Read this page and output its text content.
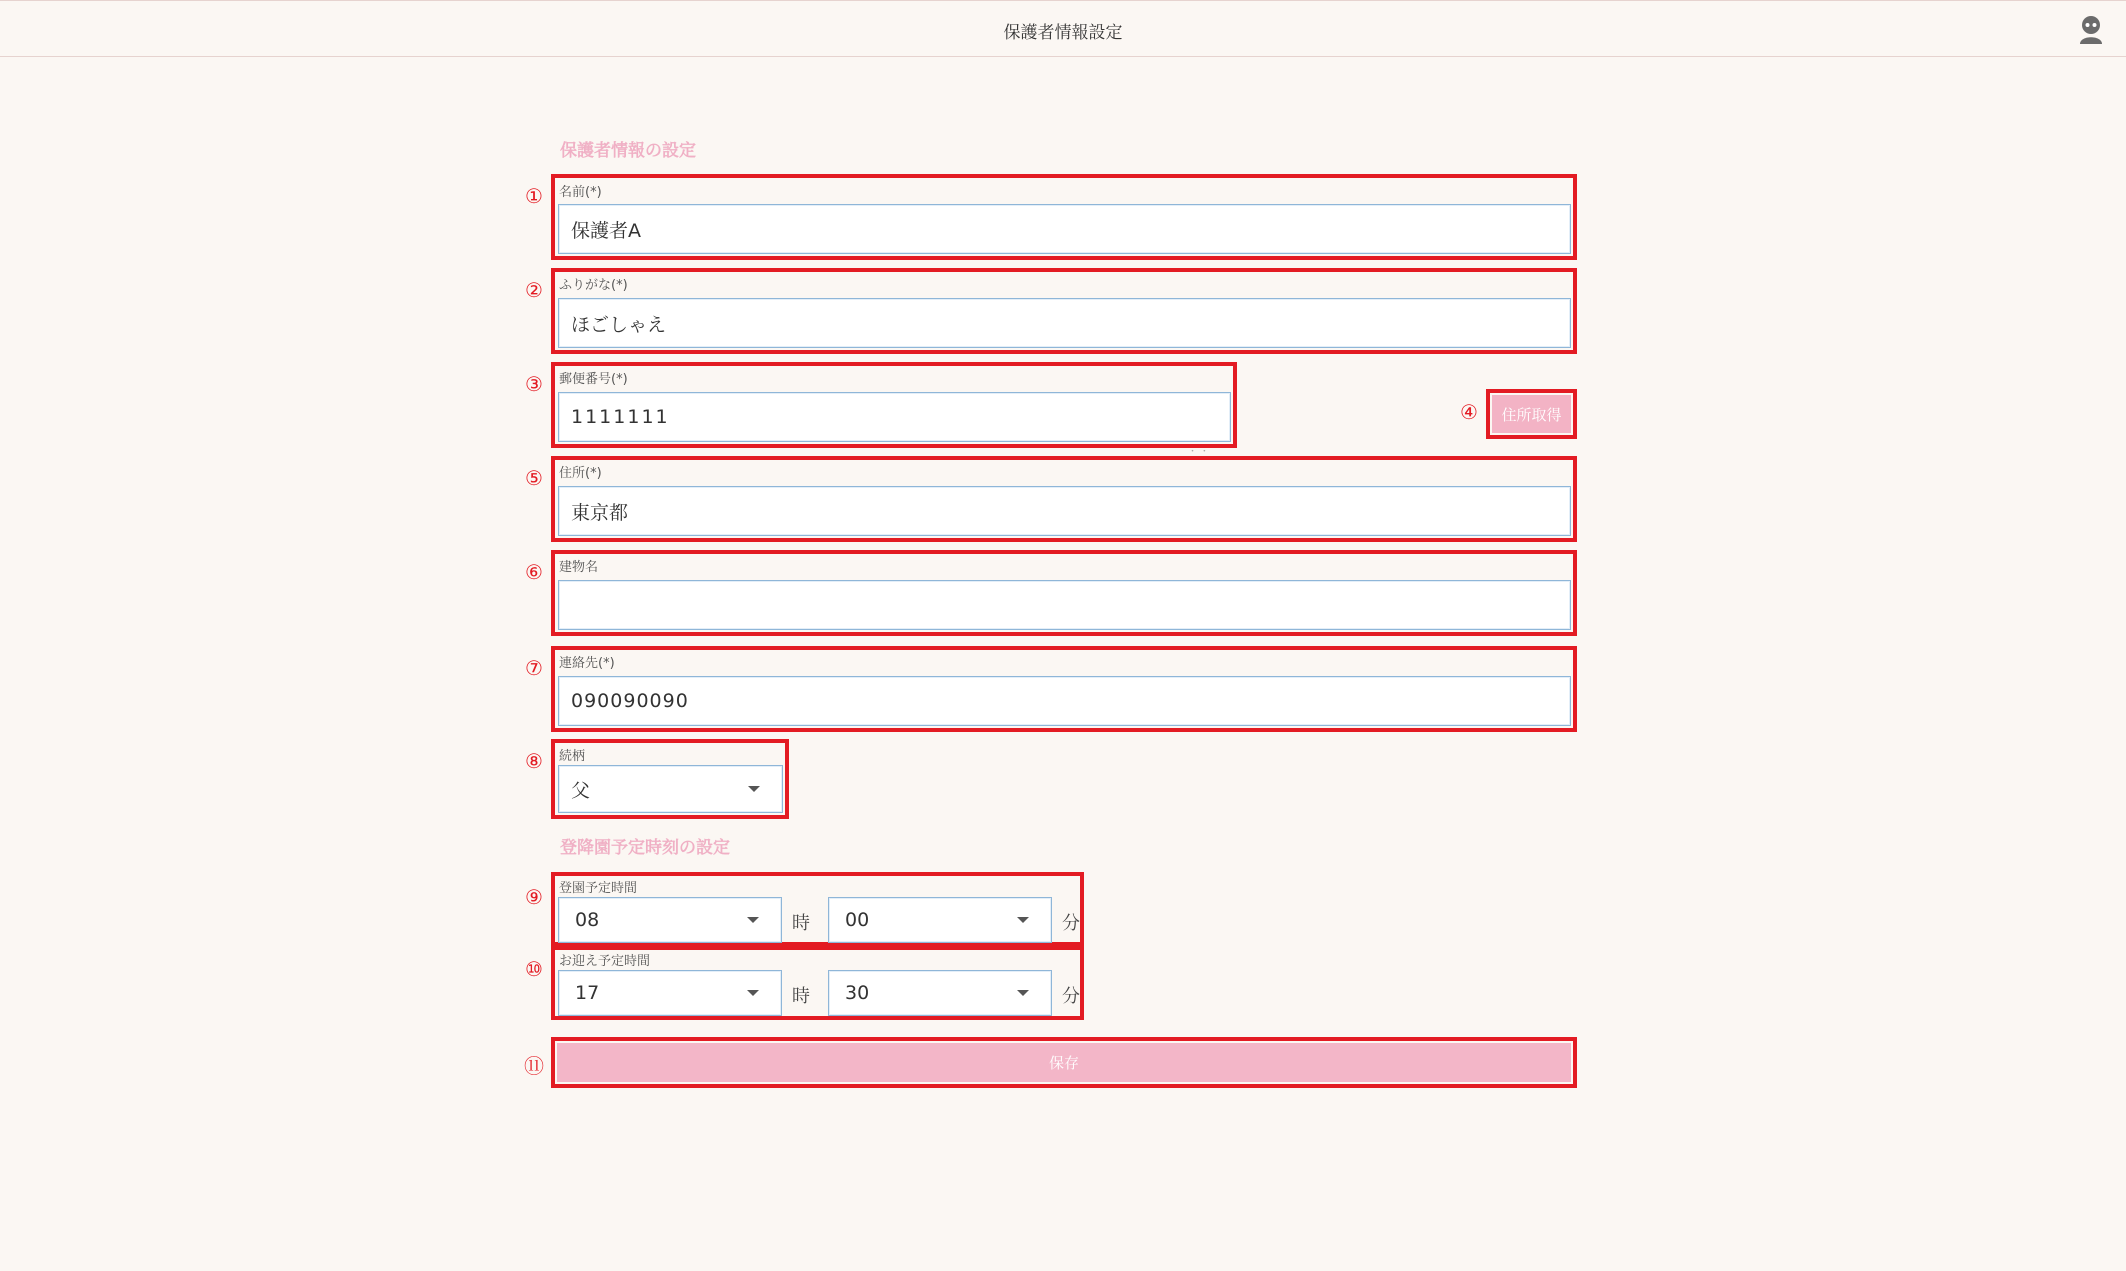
保護者情報設定
保護者情報の設定
①	名前(*)
保護者A
②	ふりがな(*)
ほごしゃえ
③	郵便番号(*)
1111111
・ ・
④	住所取得
⑤	住所(*)
東京都
⑥	建物名
⑦	連絡先(*)
090090090
⑧	続柄
父
登降園予定時刻の設定
⑨	登園予定時間
08	時 00	分
⑩	お迎え予定時間
17	時 30	分
⑪	保存
